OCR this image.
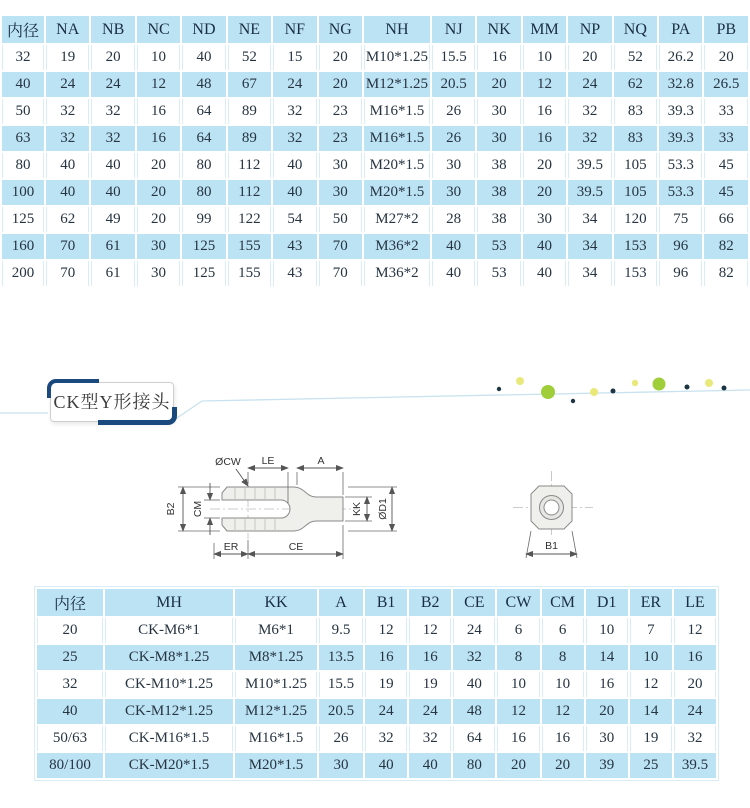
内径	NA	NB	NC	ND	NE	NF	NG	NH	NJ	NK	MM	NP	NQ	PA	PB
32	19	20	10	40	52	15	20	M10*1.25	15.5	16	10	20	52	26.2	20
40	24	24	12	48	67	24	20	M12*1.25	20.5	20	12	24	62	32.8	26.5
50	32	32	16	64	89	32	23	M16*1.5	26	30	16	32	83	39.3	33
63	32	32	16	64	89	32	23	M16*1.5	26	30	16	32	83	39.3	33
80	40	40	20	80	112	40	30	M20*1.5	30	38	20	39.5	105	53.3	45
100	40	40	20	80	112	40	30	M20*1.5	30	38	20	39.5	105	53.3	45
125	62	49	20	99	122	54	50	M27*2	28	38	30	34	120	75	66
160	70	61	30	125	155	43	70	M36*2	40	53	40	34	153	96	82
200	70	61	30	125	155	43	70	M36*2	40	53	40	34	153	96	82
CK型Y形接头
ØCW LE	A
B2 CM	KK ØD1
ER	CE	B1
内径	MH	KK	A	B1	B2	CE	CW	CM	D1	ER	LE
20	CK-M6*1	M6*1	9.5	12	12	24	6	6	10	7	12
25	CK-M8*1.25	M8*1.25	13.5	16	16	32	8	8	14	10	16
32	CK-M10*1.25	M10*1.25	15.5	19	19	40	10	10	16	12	20
40	CK-M12*1.25	M12*1.25	20.5	24	24	48	12	12	20	14	24
50/63	CK-M16*1.5	M16*1.5	26	32	32	64	16	16	30	19	32
80/100	CK-M20*1.5	M20*1.5	30	40	40	80	20	20	39	25	39.5
